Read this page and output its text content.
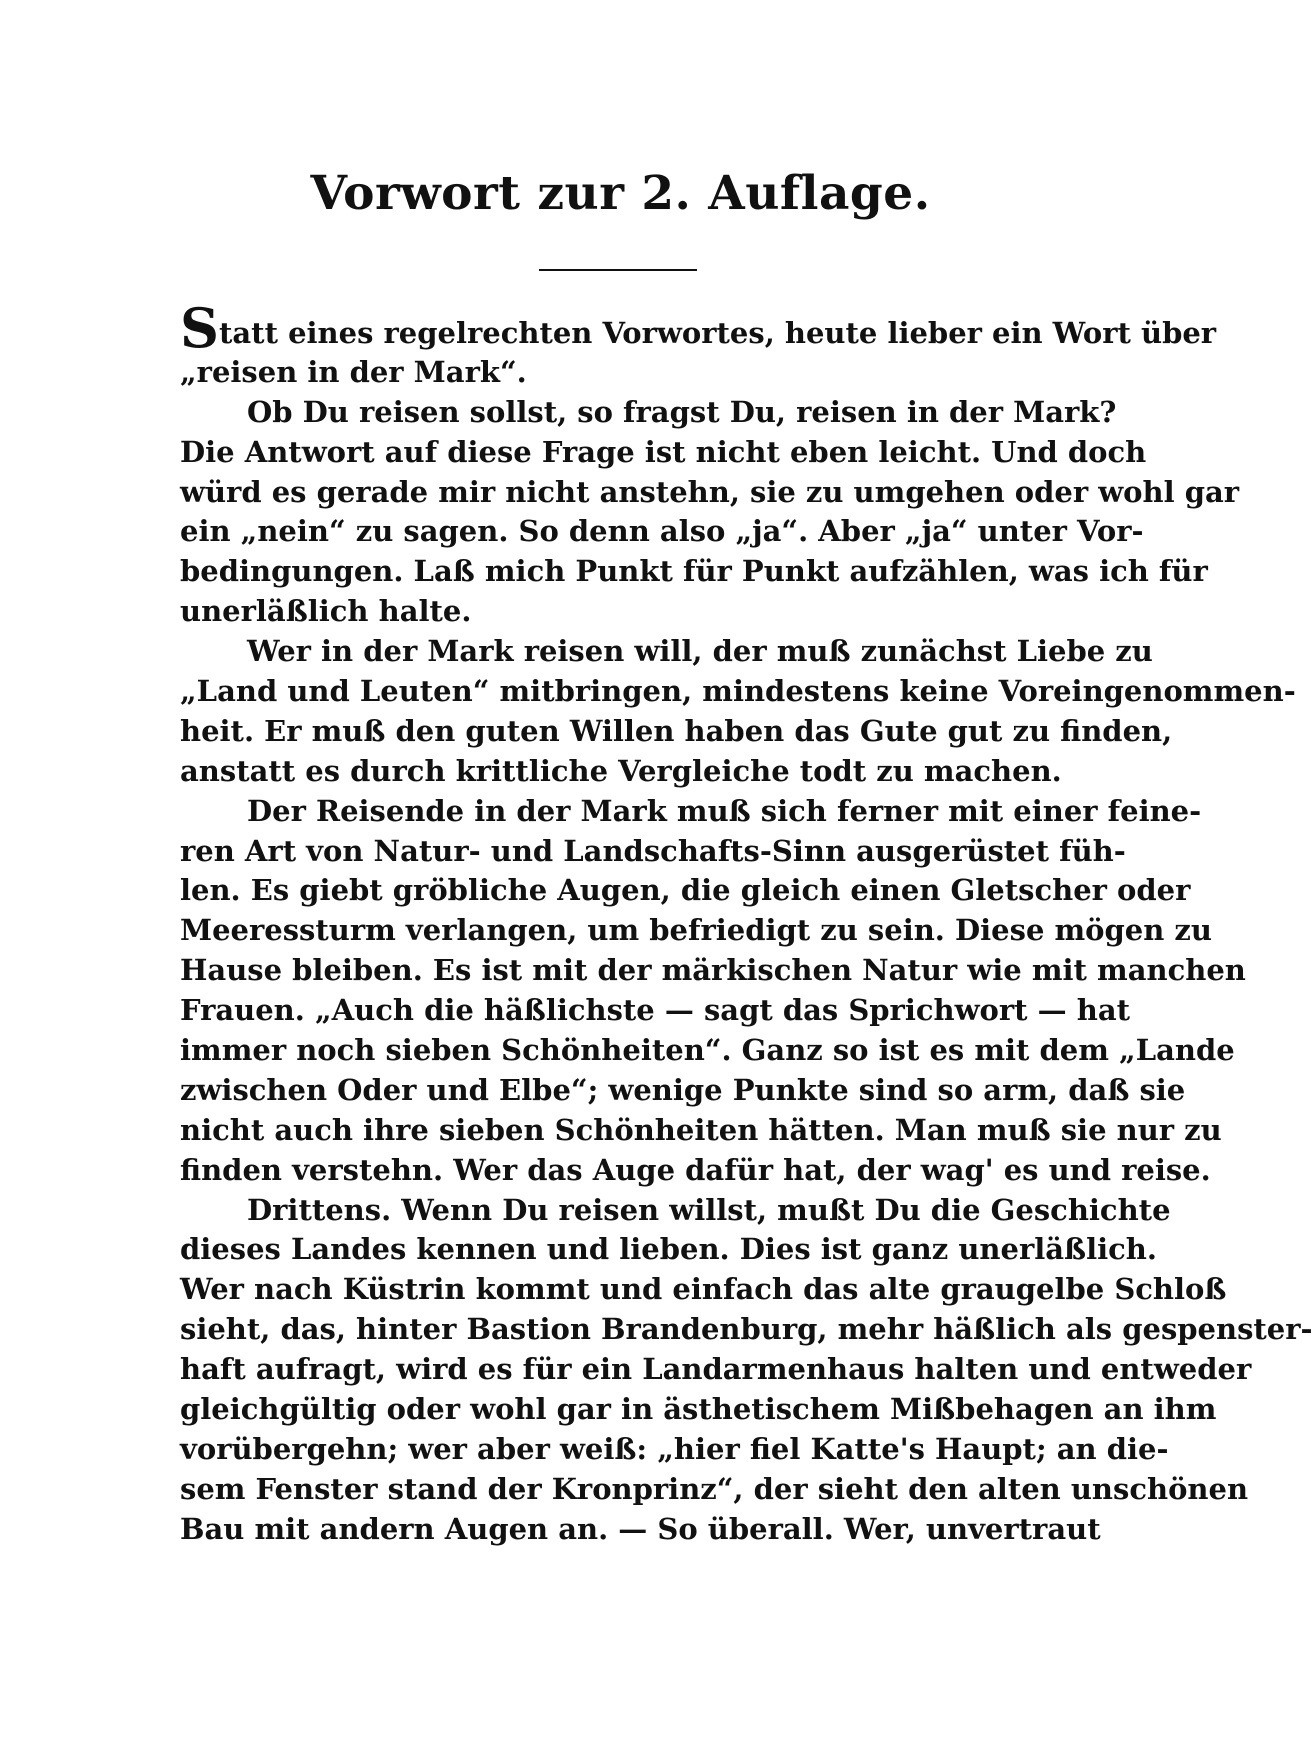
Vorwort zur 2. Auflage.
Statt eines regelrechten Vorwortes, heute lieber ein Wort über
„reisen in der Mark“.
Ob Du reisen sollst, so fragst Du, reisen in der Mark?
Die Antwort auf diese Frage ist nicht eben leicht. Und doch
würd es gerade mir nicht anstehn, sie zu umgehen oder wohl gar
ein „nein“ zu sagen. So denn also „ja“. Aber „ja“ unter Vor-
bedingungen. Laß mich Punkt für Punkt aufzählen, was ich für
unerläßlich halte.
Wer in der Mark reisen will, der muß zunächst Liebe zu
„Land und Leuten“ mitbringen, mindestens keine Voreingenommen-
heit. Er muß den guten Willen haben das Gute gut zu finden,
anstatt es durch krittliche Vergleiche todt zu machen.
Der Reisende in der Mark muß sich ferner mit einer feine-
ren Art von Natur- und Landschafts-Sinn ausgerüstet füh-
len. Es giebt gröbliche Augen, die gleich einen Gletscher oder
Meeressturm verlangen, um befriedigt zu sein. Diese mögen zu
Hause bleiben. Es ist mit der märkischen Natur wie mit manchen
Frauen. „Auch die häßlichste — sagt das Sprichwort — hat
immer noch sieben Schönheiten“. Ganz so ist es mit dem „Lande
zwischen Oder und Elbe“; wenige Punkte sind so arm, daß sie
nicht auch ihre sieben Schönheiten hätten. Man muß sie nur zu
finden verstehn. Wer das Auge dafür hat, der wag' es und reise.
Drittens. Wenn Du reisen willst, mußt Du die Geschichte
dieses Landes kennen und lieben. Dies ist ganz unerläßlich.
Wer nach Küstrin kommt und einfach das alte graugelbe Schloß
sieht, das, hinter Bastion Brandenburg, mehr häßlich als gespenster-
haft aufragt, wird es für ein Landarmenhaus halten und entweder
gleichgültig oder wohl gar in ästhetischem Mißbehagen an ihm
vorübergehn; wer aber weiß: „hier fiel Katte's Haupt; an die-
sem Fenster stand der Kronprinz“, der sieht den alten unschönen
Bau mit andern Augen an. — So überall. Wer, unvertraut
